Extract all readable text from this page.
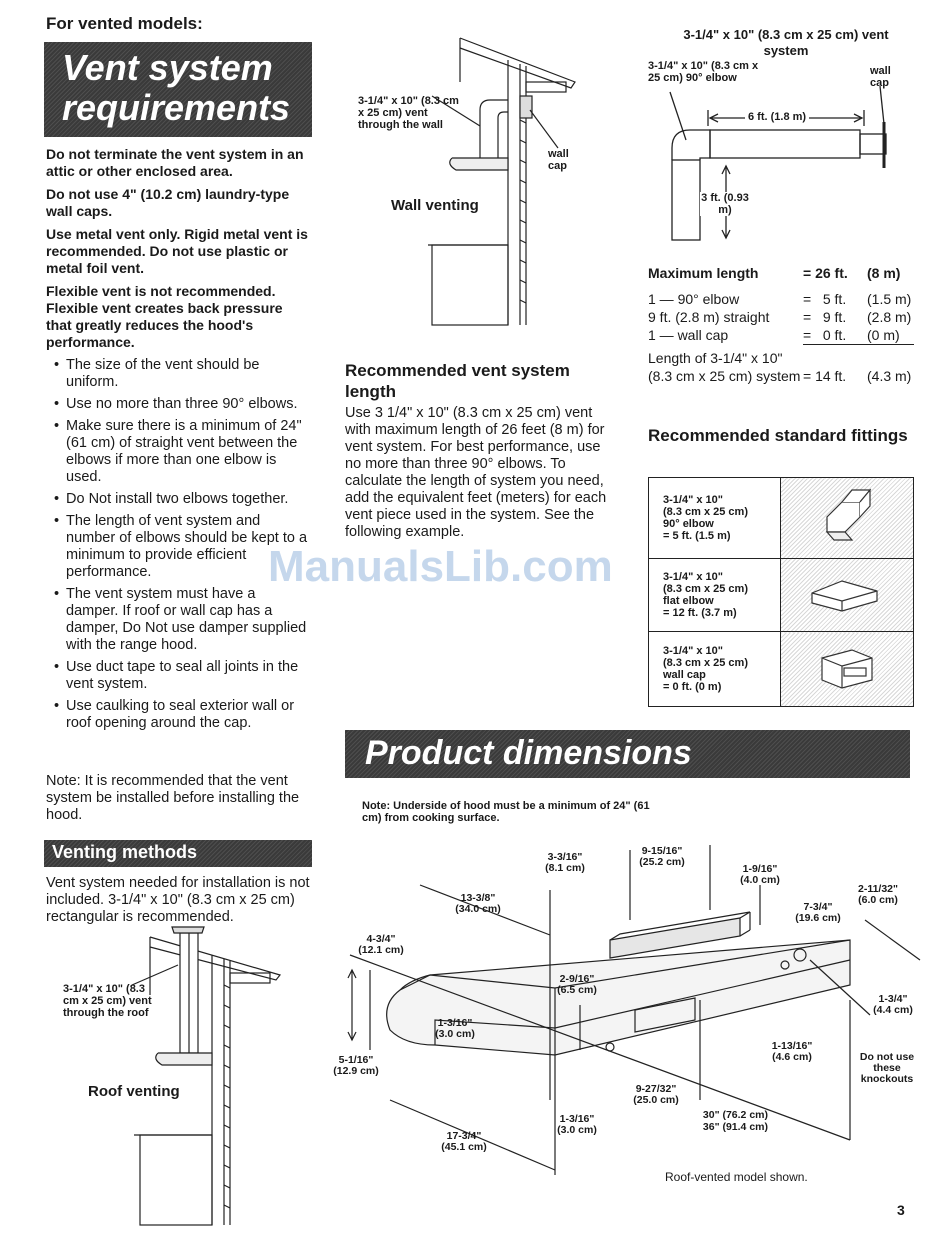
For vented models:
Vent system
requirements

Do not terminate the vent system in an attic or other enclosed area.

Do not use 4" (10.2 cm) laundry-type wall caps.

Use metal vent only. Rigid metal vent is recommended. Do not use plastic or metal foil vent.

Flexible vent is not recommended. Flexible vent creates back pressure that greatly reduces the hood's performance.

• The size of the vent should be uniform.
• Use no more than three 90° elbows.
• Make sure there is a minimum of 24" (61 cm) of straight vent between the elbows if more than one elbow is used.
• Do Not install two elbows together.
• The length of vent system and number of elbows should be kept to a minimum to provide efficient performance.
• The vent system must have a damper. If roof or wall cap has a damper, Do Not use damper supplied with the range hood.
• Use duct tape to seal all joints in the vent system.
• Use caulking to seal exterior wall or roof opening around the cap.
Note: It is recommended that the vent system be installed before installing the hood.
Venting methods
Vent system needed for installation is not included. 3-1/4" x 10" (8.3 cm x 25 cm) rectangular is recommended.
3-1/4" x 10" (8.3 cm x 25 cm) vent through the roof
Roof venting
3-1/4" x 10" (8.3 cm x 25 cm) vent through the wall
wall cap
Wall venting
Recommended vent system length
Use 3 1/4" x 10" (8.3 cm x 25 cm) vent with maximum length of 26 feet (8 m) for vent system. For best performance, use no more than three 90° elbows. To calculate the length of system you need, add the equivalent feet (meters) for each vent piece used in the system. See the following example.
3-1/4" x 10" (8.3 cm x 25 cm) vent system
3-1/4" x 10" (8.3 cm x 25 cm) 90° elbow
wall cap
6 ft. (1.8 m)
3 ft. (0.93 m)
Maximum length	= 26 ft.	(8 m)

1 — 90° elbow	= 5 ft.	(1.5 m)
9 ft. (2.8 m) straight	= 9 ft.	(2.8 m)
1 — wall cap	= 0 ft.	(0 m)

Length of 3-1/4" x 10" (8.3 cm x 25 cm) system	= 14 ft.	(4.3 m)
Recommended standard fittings
3-1/4" x 10"
(8.3 cm x 25 cm)
90° elbow
= 5 ft. (1.5 m)

3-1/4" x 10"
(8.3 cm x 25 cm)
flat elbow
= 12 ft. (3.7 m)

3-1/4" x 10"
(8.3 cm x 25 cm)
wall cap
= 0 ft. (0 m)

Product dimensions
Note: Underside of hood must be a minimum of 24" (61 cm) from cooking surface.
13-3/8"
(34.0 cm)
3-3/16"
(8.1 cm)
9-15/16"
(25.2 cm)
1-9/16"
(4.0 cm)
7-3/4"
(19.6 cm)
2-11/32"
(6.0 cm)
4-3/4"
(12.1 cm)
2-9/16"
(6.5 cm)
1-3/16"
(3.0 cm)
5-1/16"
(12.9 cm)
1-3/4"
(4.4 cm)
1-13/16"
(4.6 cm)
9-27/32"
(25.0 cm)
1-3/16"
(3.0 cm)
17-3/4"
(45.1 cm)
30" (76.2 cm)
36" (91.4 cm)
Do not use these knockouts
Roof-vented model shown.
ManualsLib.com
3
